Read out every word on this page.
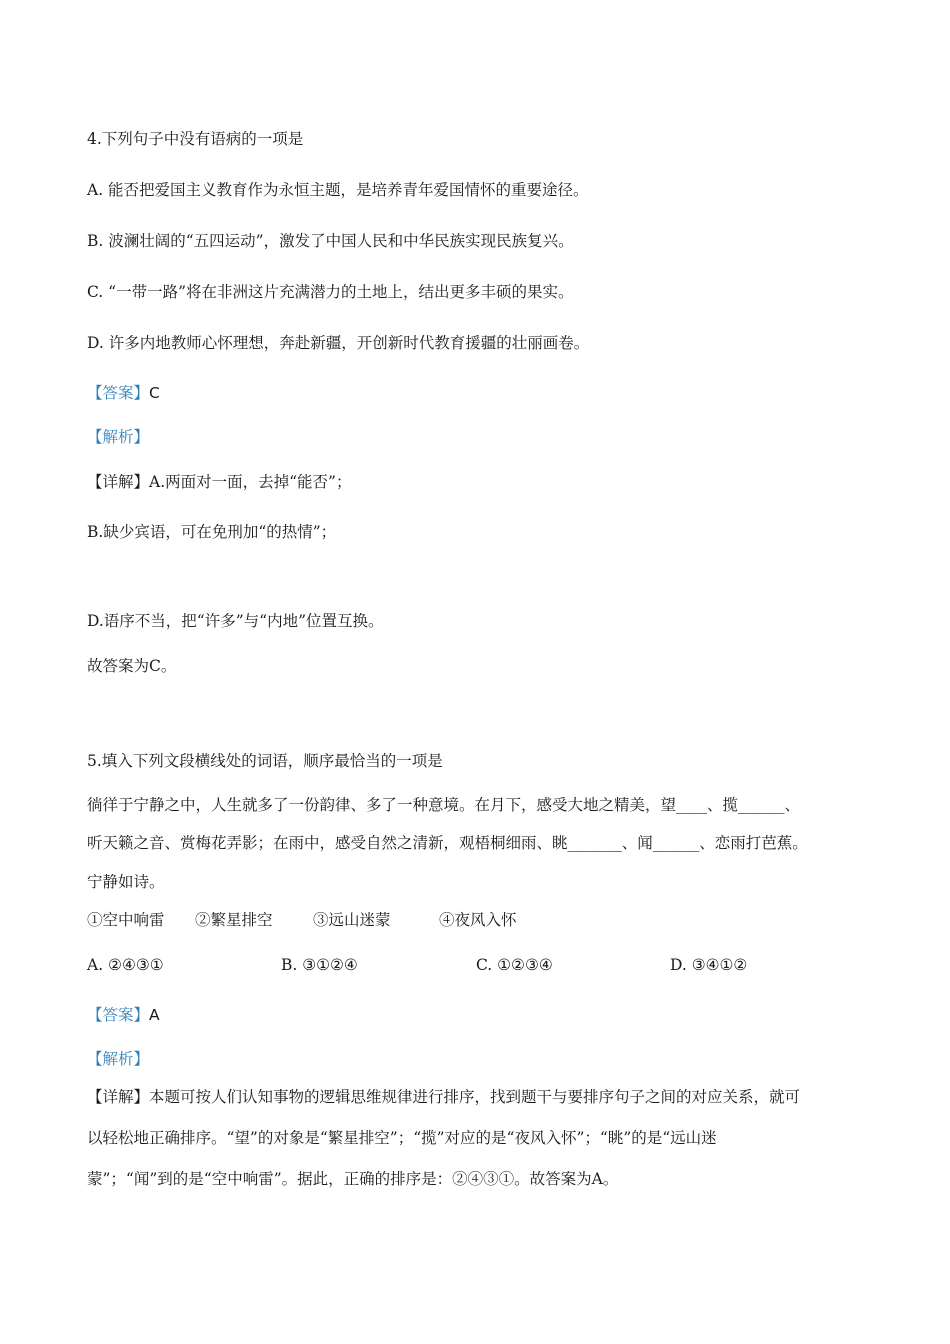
4.下列句子中没有语病的一项是
A. 能否把爱国主义教育作为永恒主题，是培养青年爱国情怀的重要途径。
B. 波澜壮阔的“五四运动”，激发了中国人民和中华民族实现民族复兴。
C. “一带一路”将在非洲这片充满潜力的土地上，结出更多丰硕的果实。
D. 许多内地教师心怀理想，奔赴新疆，开创新时代教育援疆的壮丽画卷。
【答案】C
【解析】
【详解】A.两面对一面，去掉“能否”；
B.缺少宾语，可在免刑加“的热情”；
D.语序不当，把“许多”与“内地”位置互换。
故答案为C。
5.填入下列文段横线处的词语，顺序最恰当的一项是
徜徉于宁静之中，人生就多了一份韵律、多了一种意境。在月下，感受大地之精美，望____、揽______、
听天籁之音、赏梅花弄影；在雨中，感受自然之清新，观梧桐细雨、眺_______、闻______、恋雨打芭蕉。
宁静如诗。
①空中响雷 ②繁星排空	③远山迷蒙	④夜风入怀
A. ②④③①	B. ③①②④	C. ①②③④	D. ③④①②
【答案】A
【解析】
【详解】本题可按人们认知事物的逻辑思维规律进行排序，找到题干与要排序句子之间的对应关系，就可
以轻松地正确排序。“望”的对象是“繁星排空”；“揽”对应的是“夜风入怀”；“眺”的是“远山迷
蒙”；“闻”到的是“空中响雷”。据此，正确的排序是：②④③①。故答案为A。
